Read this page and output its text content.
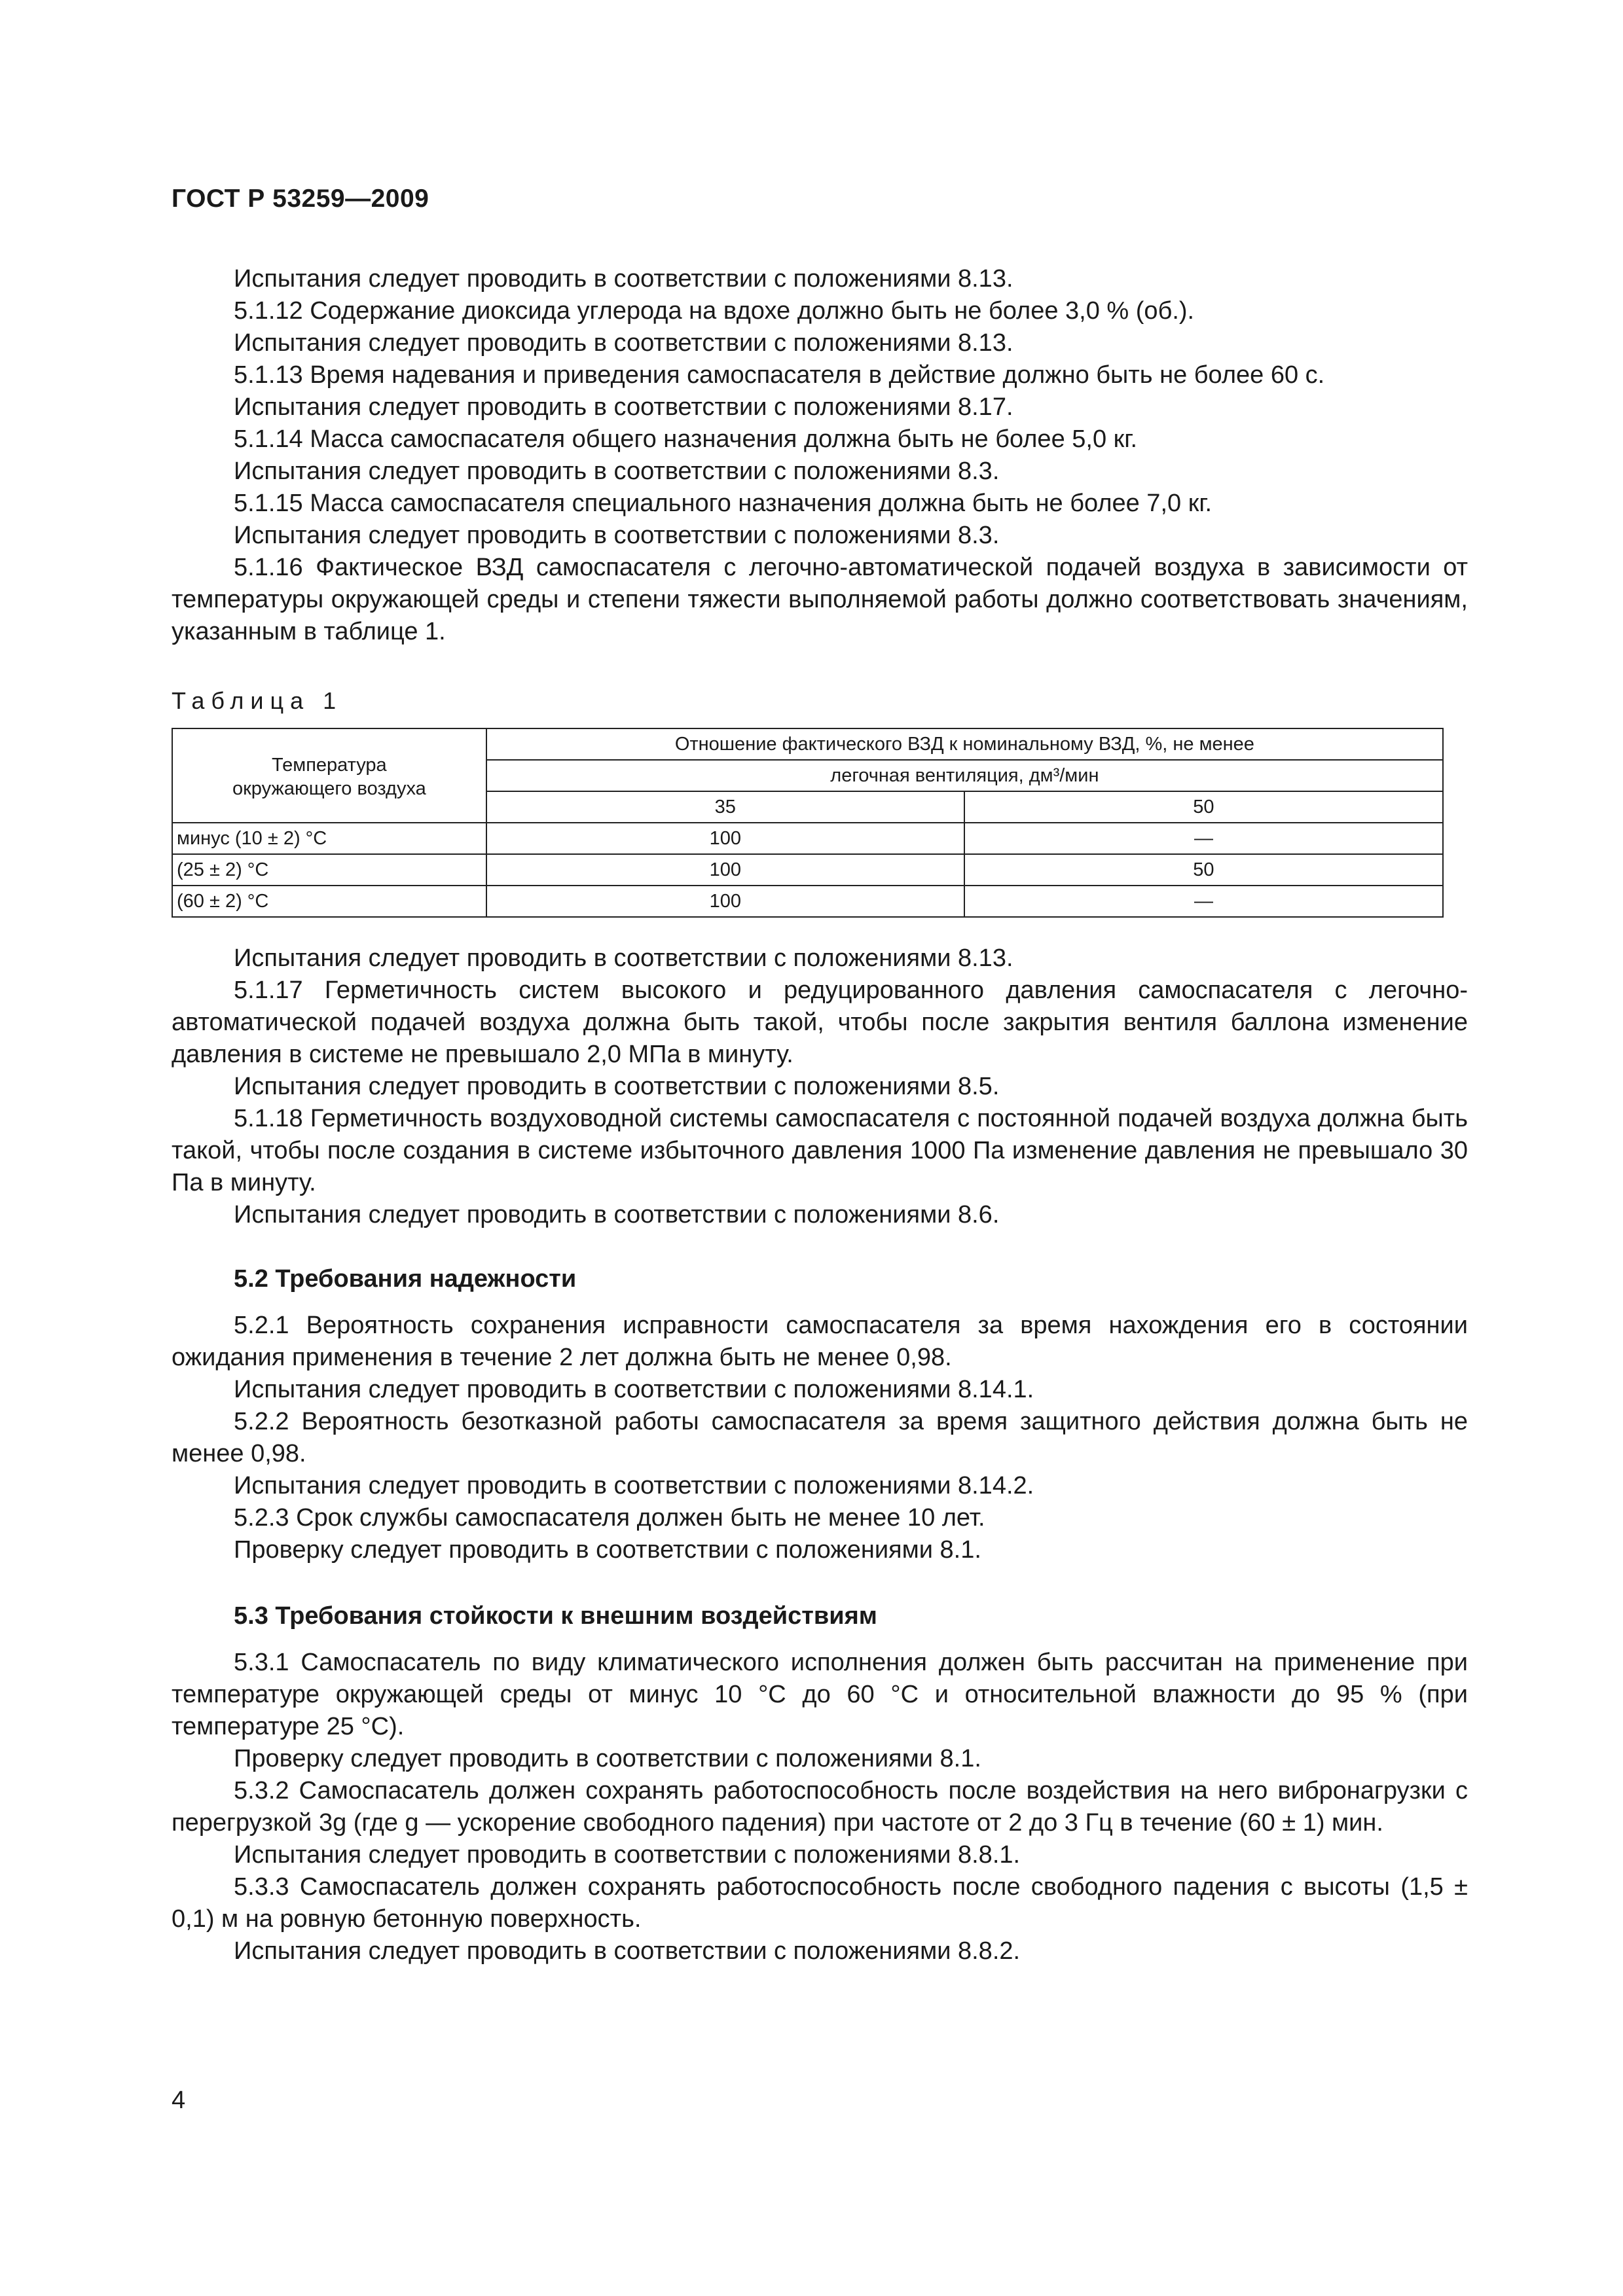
ГОСТ Р 53259—2009

Испытания следует проводить в соответствии с положениями 8.13.

5.1.12 Содержание диоксида углерода на вдохе должно быть не более 3,0 % (об.).

Испытания следует проводить в соответствии с положениями 8.13.

5.1.13 Время надевания и приведения самоспасателя в действие должно быть не более 60 с.

Испытания следует проводить в соответствии с положениями 8.17.

5.1.14 Масса самоспасателя общего назначения должна быть не более 5,0 кг.

Испытания следует проводить в соответствии с положениями 8.3.

5.1.15 Масса самоспасателя специального назначения должна быть не более 7,0 кг.

Испытания следует проводить в соответствии с положениями 8.3.

5.1.16 Фактическое ВЗД самоспасателя с легочно-автоматической подачей воздуха в зависимости от температуры окружающей среды и степени тяжести выполняемой работы должно соответствовать значениям, указанным в таблице 1.

Таблица 1
Температура окружающего воздуха	Отношение фактического ВЗД к номинальному ВЗД, %, не менее	
	легочная вентиляция, дм³/мин	
	35	50
минус (10 ± 2) °С	100	—
(25 ± 2) °С	100	50
(60 ± 2) °С	100	—

Испытания следует проводить в соответствии с положениями 8.13.

5.1.17 Герметичность систем высокого и редуцированного давления самоспасателя с легочно-автоматической подачей воздуха должна быть такой, чтобы после закрытия вентиля баллона изменение давления в системе не превышало 2,0 МПа в минуту.

Испытания следует проводить в соответствии с положениями 8.5.

5.1.18 Герметичность воздуховодной системы самоспасателя с постоянной подачей воздуха должна быть такой, чтобы после создания в системе избыточного давления 1000 Па изменение давления не превышало 30 Па в минуту.

Испытания следует проводить в соответствии с положениями 8.6.

5.2 Требования надежности

5.2.1 Вероятность сохранения исправности самоспасателя за время нахождения его в состоянии ожидания применения в течение 2 лет должна быть не менее 0,98.

Испытания следует проводить в соответствии с положениями 8.14.1.

5.2.2 Вероятность безотказной работы самоспасателя за время защитного действия должна быть не менее 0,98.

Испытания следует проводить в соответствии с положениями 8.14.2.

5.2.3 Срок службы самоспасателя должен быть не менее 10 лет.

Проверку следует проводить в соответствии с положениями 8.1.

5.3 Требования стойкости к внешним воздействиям

5.3.1 Самоспасатель по виду климатического исполнения должен быть рассчитан на применение при температуре окружающей среды от минус 10 °С до 60 °С и относительной влажности до 95 % (при температуре 25 °С).

Проверку следует проводить в соответствии с положениями 8.1.

5.3.2 Самоспасатель должен сохранять работоспособность после воздействия на него вибронагрузки с перегрузкой 3g (где g — ускорение свободного падения) при частоте от 2 до 3 Гц в течение (60 ± 1) мин.

Испытания следует проводить в соответствии с положениями 8.8.1.

5.3.3 Самоспасатель должен сохранять работоспособность после свободного падения с высоты (1,5 ± 0,1) м на ровную бетонную поверхность.

Испытания следует проводить в соответствии с положениями 8.8.2.

4
